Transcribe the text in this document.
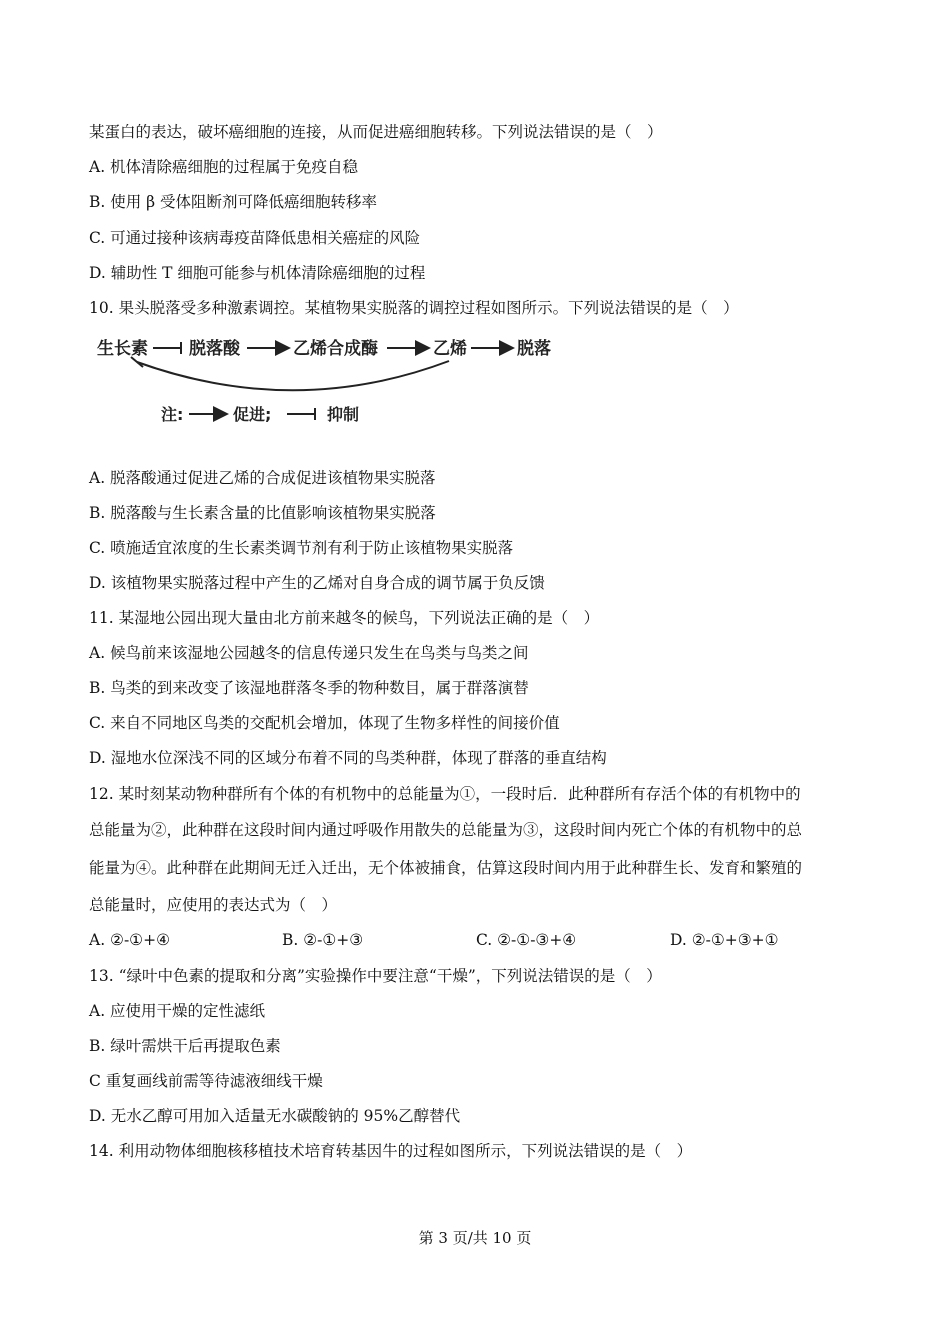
某蛋白的表达，破坏癌细胞的连接，从而促进癌细胞转移。下列说法错误的是（　）
A. 机体清除癌细胞的过程属于免疫自稳
B. 使用 β 受体阻断剂可降低癌细胞转移率
C. 可通过接种该病毒疫苗降低患相关癌症的风险
D. 辅助性 T 细胞可能参与机体清除癌细胞的过程
10. 果头脱落受多种激素调控。某植物果实脱落的调控过程如图所示。下列说法错误的是（　）
生长素 脱落酸	乙烯合成酶	乙烯	脱落
注:	促进;	抑制
A. 脱落酸通过促进乙烯的合成促进该植物果实脱落
B. 脱落酸与生长素含量的比值影响该植物果实脱落
C. 喷施适宜浓度的生长素类调节剂有利于防止该植物果实脱落
D. 该植物果实脱落过程中产生的乙烯对自身合成的调节属于负反馈
11. 某湿地公园出现大量由北方前来越冬的候鸟，下列说法正确的是（　）
A. 候鸟前来该湿地公园越冬的信息传递只发生在鸟类与鸟类之间
B. 鸟类的到来改变了该湿地群落冬季的物种数目，属于群落演替
C. 来自不同地区鸟类的交配机会增加，体现了生物多样性的间接价值
D. 湿地水位深浅不同的区域分布着不同的鸟类种群，体现了群落的垂直结构
12. 某时刻某动物种群所有个体的有机物中的总能量为①，一段时后．此种群所有存活个体的有机物中的
总能量为②，此种群在这段时间内通过呼吸作用散失的总能量为③，这段时间内死亡个体的有机物中的总
能量为④。此种群在此期间无迁入迁出，无个体被捕食，估算这段时间内用于此种群生长、发育和繁殖的
总能量时，应使用的表达式为（　）
A. ②-①+④	B. ②-①+③	C. ②-①-③+④	D. ②-①+③+①
13. “绿叶中色素的提取和分离”实验操作中要注意“干燥”，下列说法错误的是（　）
A. 应使用干燥的定性滤纸
B. 绿叶需烘干后再提取色素
C 重复画线前需等待滤液细线干燥
D. 无水乙醇可用加入适量无水碳酸钠的 95%乙醇替代
14. 利用动物体细胞核移植技术培育转基因牛的过程如图所示，下列说法错误的是（　）
第 3 页/共 10 页
